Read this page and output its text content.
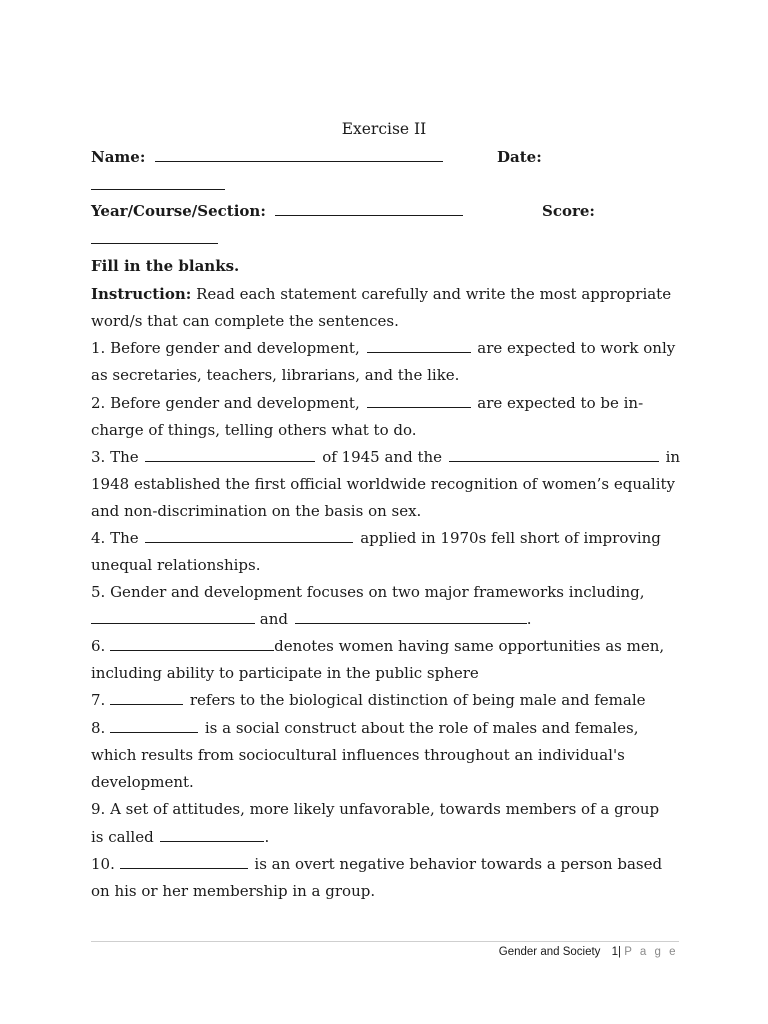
Exercise II
Name:	Date:
Year/Course/Section:	Score:
Fill in the blanks.
Instruction: Read each statement carefully and write the most appropriate
word/s that can complete the sentences.
1. Before gender and development,	are expected to work only
as secretaries, teachers, librarians, and the like.
2. Before gender and development,	are expected to be in-
charge of things, telling others what to do.
3. The	of 1945 and the	in
1948 established the first official worldwide recognition of women’s equality
and non-discrimination on the basis on sex.
4. The	applied in 1970s fell short of improving
unequal relationships.
5. Gender and development focuses on two major frameworks including,
and	.
6.	denotes women having same opportunities as men,
including ability to participate in the public sphere
7.	refers to the biological distinction of being male and female
8.	is a social construct about the role of males and females,
which results from sociocultural influences throughout an individual's
development.
9. A set of attitudes, more likely unfavorable, towards members of a group
is called	.
10.	is an overt negative behavior towards a person based
on his or her membership in a group.
Gender and Society 1| P a g e
